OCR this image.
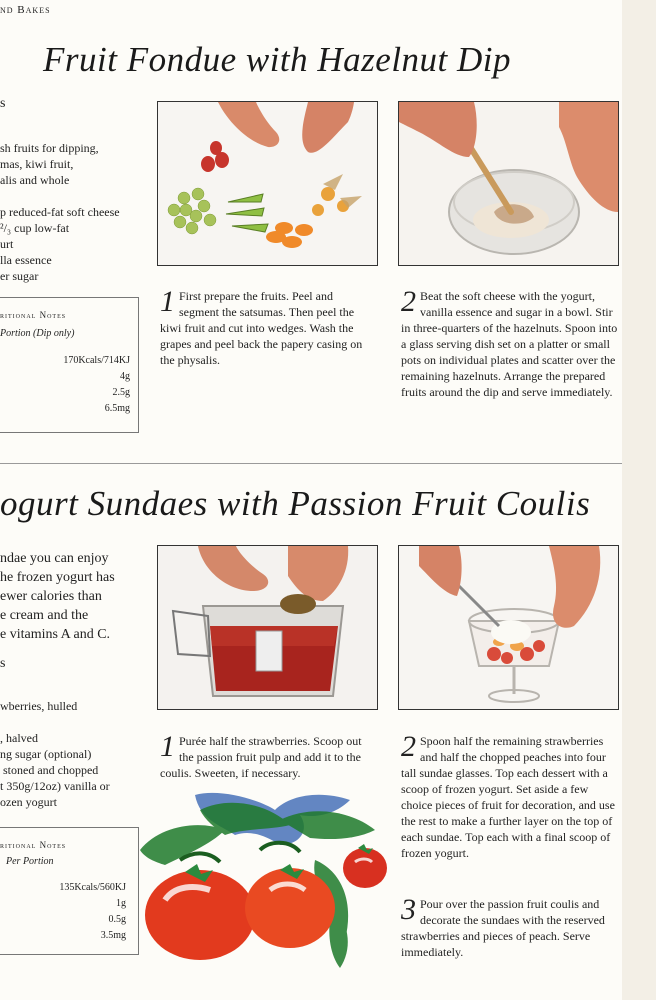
nd Bakes
Fruit Fondue with Hazelnut Dip
s
sh fruits for dipping,
mas, kiwi fruit,
alis and whole

p reduced-fat soft cheese
²/₃ cup low-fat
urt
lla essence
er sugar
ritional Notes
Portion (Dip only)
170Kcals/714KJ
4g
2.5g
6.5mg
1 First prepare the fruits. Peel and segment the satsumas. Then peel the kiwi fruit and cut into wedges. Wash the grapes and peel back the papery casing on the physalis.
2 Beat the soft cheese with the yogurt, vanilla essence and sugar in a bowl. Stir in three-quarters of the hazelnuts. Spoon into a glass serving dish set on a platter or small pots on individual plates and scatter over the remaining hazelnuts. Arrange the prepared fruits around the dip and serve immediately.
ogurt Sundaes with Passion Fruit Coulis
ndae you can enjoy
he frozen yogurt has
ewer calories than
e cream and the
e vitamins A and C.
s
wberries, hulled

, halved
ng sugar (optional)
stoned and chopped
t 350g/12oz) vanilla or
ozen yogurt
ritional Notes
Per Portion
135Kcals/560KJ
1g
0.5g
3.5mg
1 Purée half the strawberries. Scoop out the passion fruit pulp and add it to the coulis. Sweeten, if necessary.
2 Spoon half the remaining strawberries and half the chopped peaches into four tall sundae glasses. Top each dessert with a scoop of frozen yogurt. Set aside a few choice pieces of fruit for decoration, and use the rest to make a further layer on the top of each sundae. Top each with a final scoop of frozen yogurt.
3 Pour over the passion fruit coulis and decorate the sundaes with the reserved strawberries and pieces of peach. Serve immediately.
